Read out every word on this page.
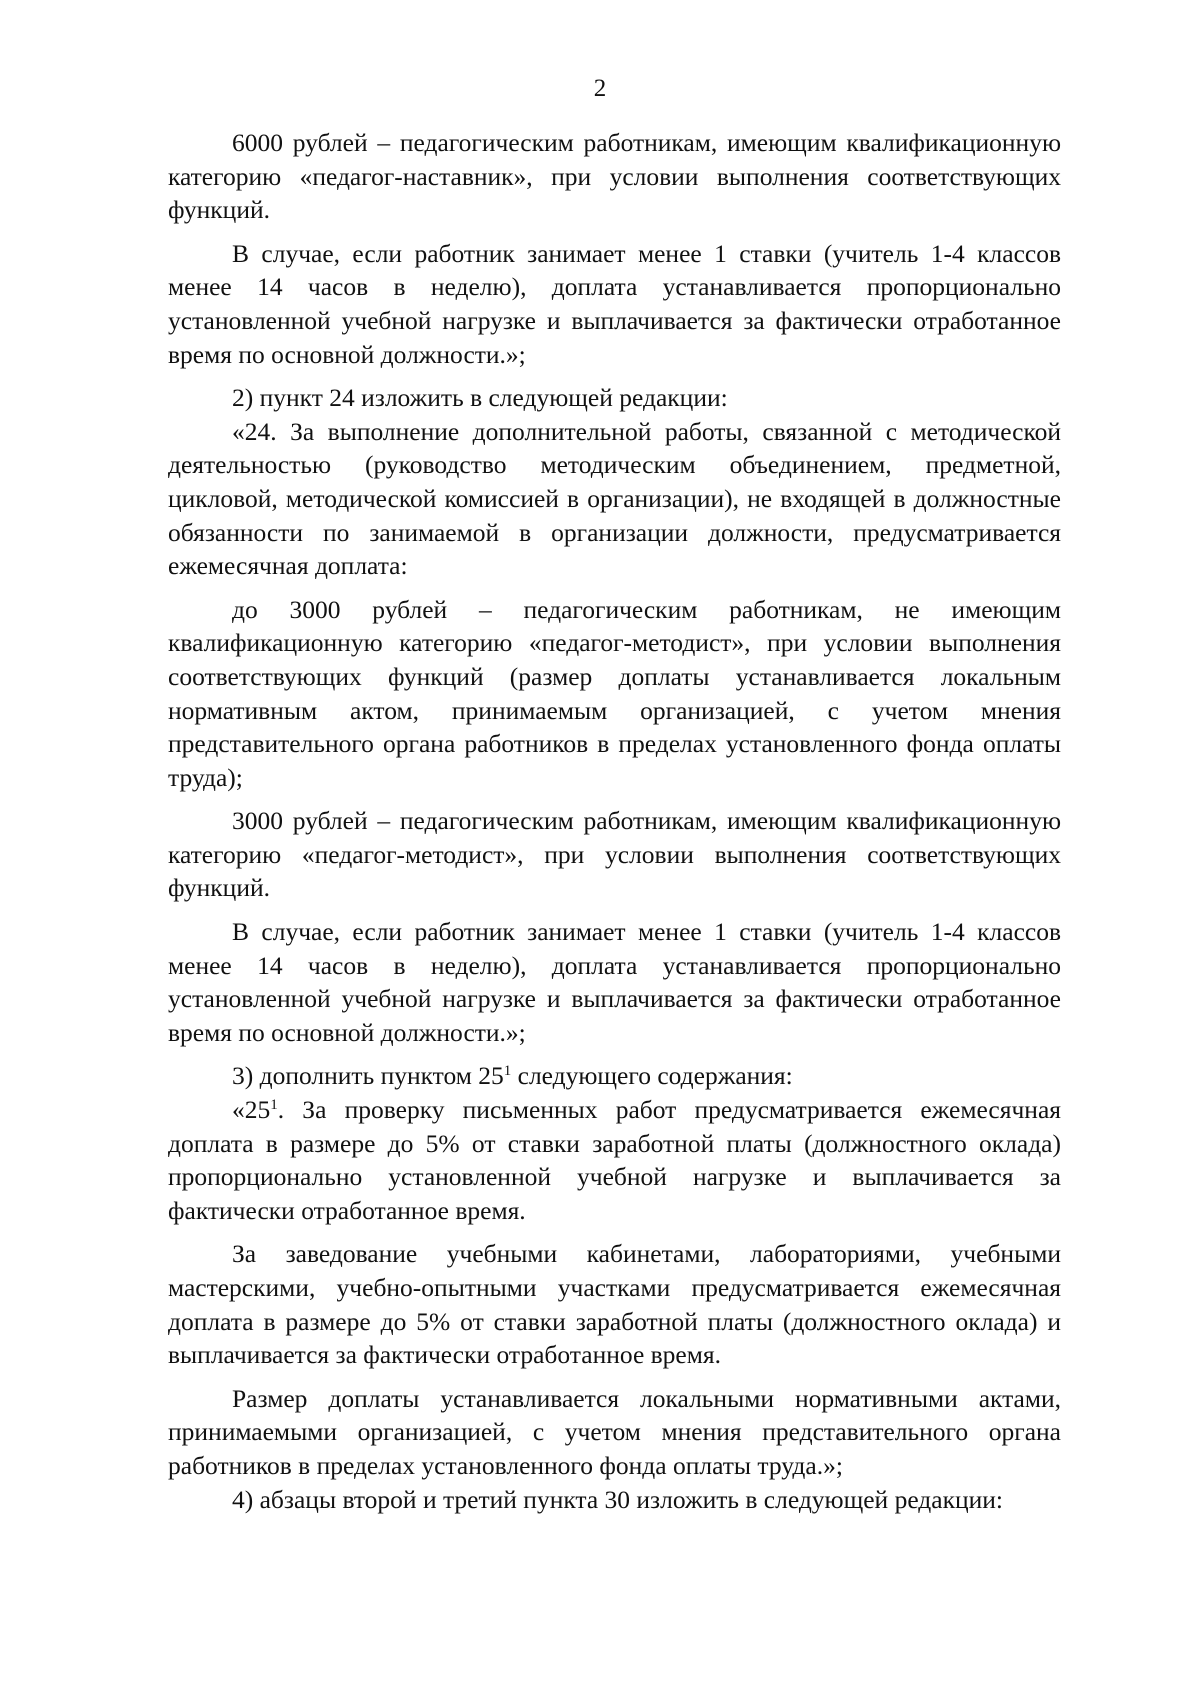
2

6000 рублей – педагогическим работникам, имеющим квалификационную категорию «педагог-наставник», при условии выполнения соответствующих функций.

В случае, если работник занимает менее 1 ставки (учитель 1-4 классов менее 14 часов в неделю), доплата устанавливается пропорционально установленной учебной нагрузке и выплачивается за фактически отработанное время по основной должности.»;

2) пункт 24 изложить в следующей редакции:

«24. За выполнение дополнительной работы, связанной с методической деятельностью (руководство методическим объединением, предметной, цикловой, методической комиссией в организации), не входящей в должностные обязанности по занимаемой в организации должности, предусматривается ежемесячная доплата:

до 3000 рублей – педагогическим работникам, не имеющим квалификационную категорию «педагог-методист», при условии выполнения соответствующих функций (размер доплаты устанавливается локальным нормативным актом, принимаемым организацией, с учетом мнения представительного органа работников в пределах установленного фонда оплаты труда);

3000 рублей – педагогическим работникам, имеющим квалификационную категорию «педагог-методист», при условии выполнения соответствующих функций.

В случае, если работник занимает менее 1 ставки (учитель 1-4 классов менее 14 часов в неделю), доплата устанавливается пропорционально установленной учебной нагрузке и выплачивается за фактически отработанное время по основной должности.»;

3) дополнить пунктом $25^1$ следующего содержания:

«$25^1$. За проверку письменных работ предусматривается ежемесячная доплата в размере до 5% от ставки заработной платы (должностного оклада) пропорционально установленной учебной нагрузке и выплачивается за фактически отработанное время.

За заведование учебными кабинетами, лабораториями, учебными мастерскими, учебно-опытными участками предусматривается ежемесячная доплата в размере до 5% от ставки заработной платы (должностного оклада) и выплачивается за фактически отработанное время.

Размер доплаты устанавливается локальными нормативными актами, принимаемыми организацией, с учетом мнения представительного органа работников в пределах установленного фонда оплаты труда.»;

4) абзацы второй и третий пункта 30 изложить в следующей редакции:
